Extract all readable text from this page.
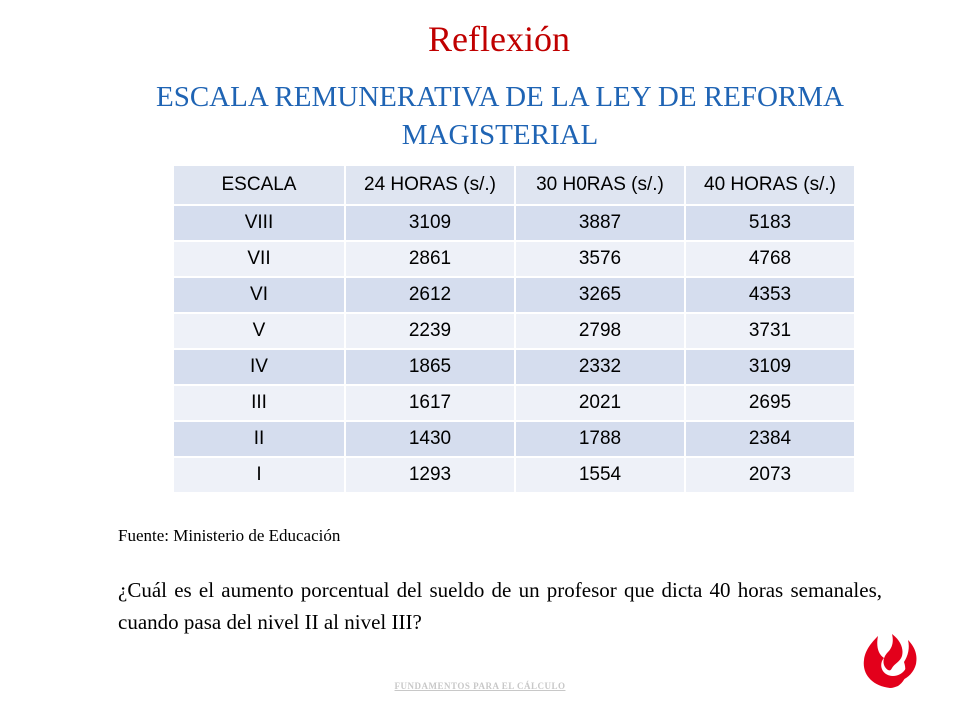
Reflexión
ESCALA REMUNERATIVA DE LA LEY DE REFORMA MAGISTERIAL
ESCALA	24 HORAS (s/.)	30 H0RAS (s/.)	40 HORAS (s/.)
VIII	3109	3887	5183
VII	2861	3576	4768
VI	2612	3265	4353
V	2239	2798	3731
IV	1865	2332	3109
III	1617	2021	2695
II	1430	1788	2384
I	1293	1554	2073
Fuente: Ministerio de Educación
¿Cuál es el aumento porcentual del sueldo de un profesor que dicta 40 horas semanales, cuando pasa del nivel II al nivel III?
FUNDAMENTOS PARA EL CÁLCULO
